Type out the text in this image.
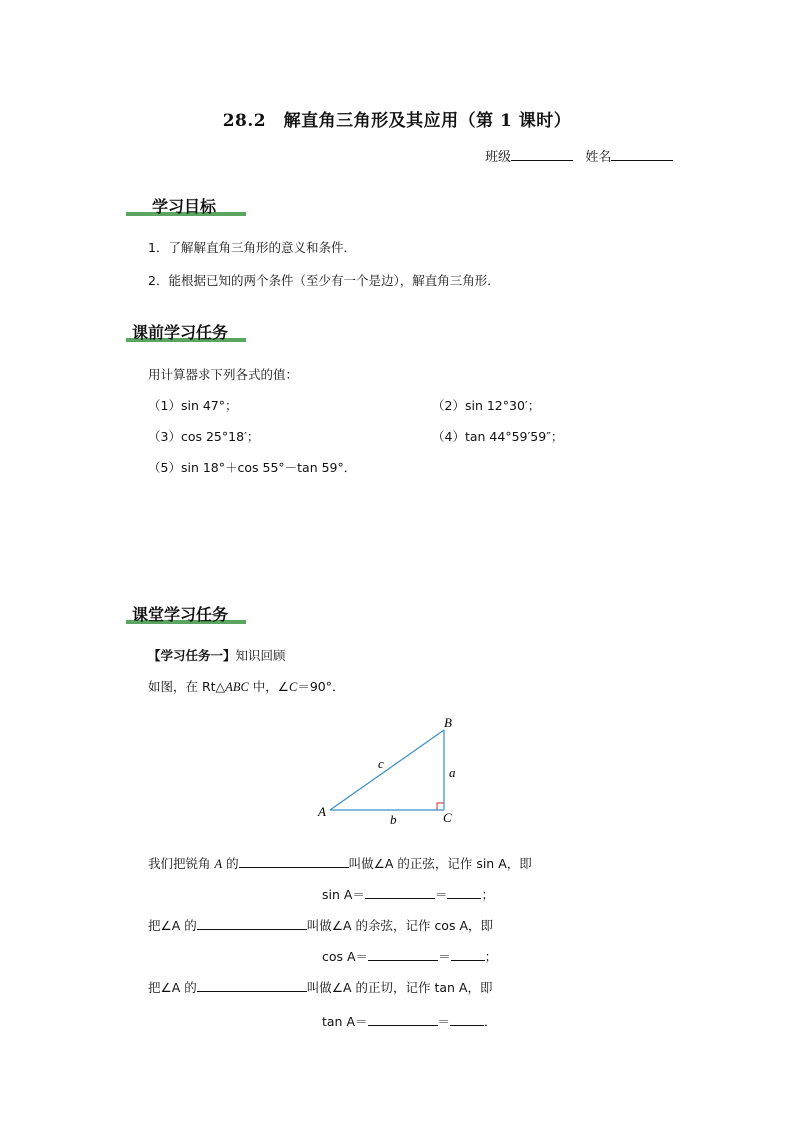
28.2　解直角三角形及其应用（第 1 课时）
班级	姓名
学习目标
1．了解解直角三角形的意义和条件．
2．能根据已知的两个条件（至少有一个是边），解直角三角形．
课前学习任务
用计算器求下列各式的值：
（1）sin 47°；	（2）sin 12°30′；
（3）cos 25°18′；	（4）tan 44°59′59″；
（5）sin 18°＋cos 55°－tan 59°．
课堂学习任务
【学习任务一】知识回顾
如图，在 Rt△ABC 中，∠C＝90°．
A
B
C
a
b
c
我们把锐角 A 的	叫做∠A 的正弦，记作 sin A，即
sin A＝	＝	；
把∠A 的	叫做∠A 的余弦，记作 cos A，即
cos A＝	＝	；
把∠A 的	叫做∠A 的正切，记作 tan A，即
tan A＝	＝	．
